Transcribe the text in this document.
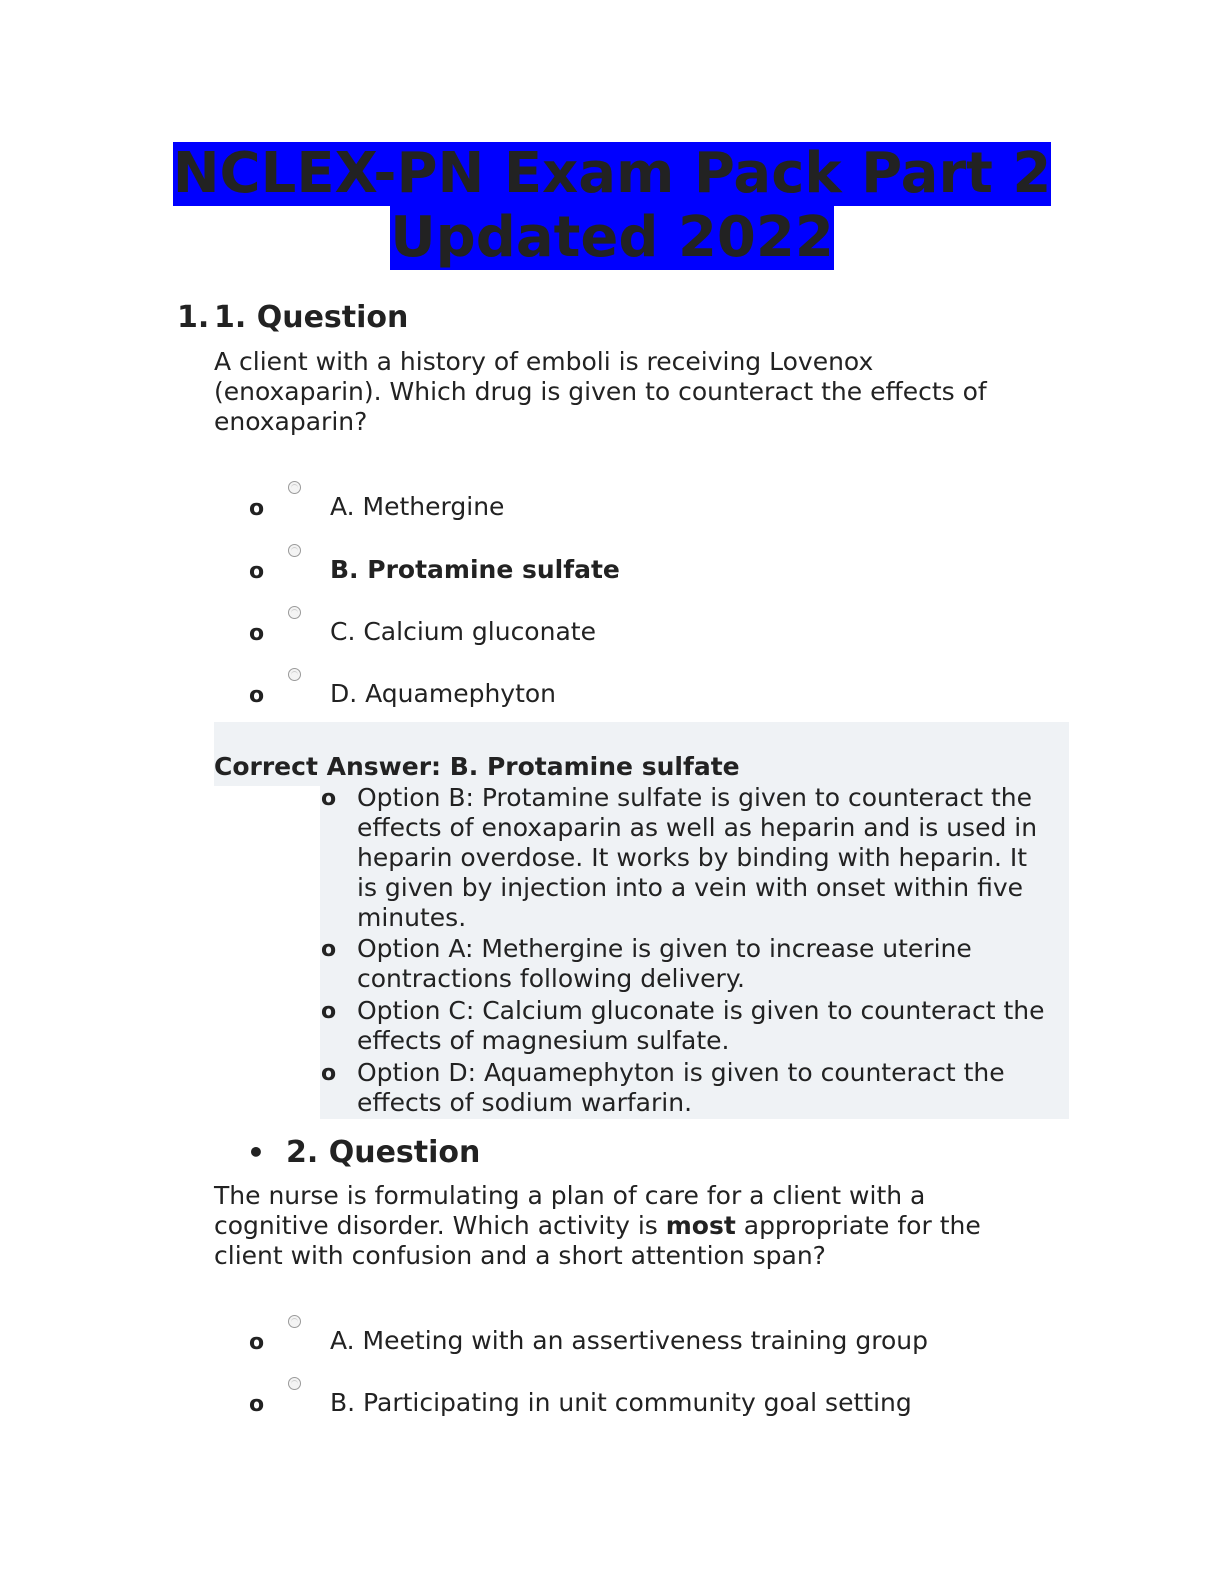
NCLEX-PN Exam Pack Part 2
Updated 2022
1. 1. Question
A client with a history of emboli is receiving Lovenox
(enoxaparin). Which drug is given to counteract the effects of
enoxaparin?
o	A. Methergine
o	B. Protamine sulfate
o	C. Calcium gluconate
o	D. Aquamephyton
Correct Answer: B. Protamine sulfate
o Option B: Protamine sulfate is given to counteract the
effects of enoxaparin as well as heparin and is used in
heparin overdose. It works by binding with heparin. It
is given by injection into a vein with onset within five
minutes.
o Option A: Methergine is given to increase uterine
contractions following delivery.
o Option C: Calcium gluconate is given to counteract the
effects of magnesium sulfate.
o Option D: Aquamephyton is given to counteract the
effects of sodium warfarin.
• 2. Question
The nurse is formulating a plan of care for a client with a
cognitive disorder. Which activity is most appropriate for the
client with confusion and a short attention span?
o	A. Meeting with an assertiveness training group
o	B. Participating in unit community goal setting
